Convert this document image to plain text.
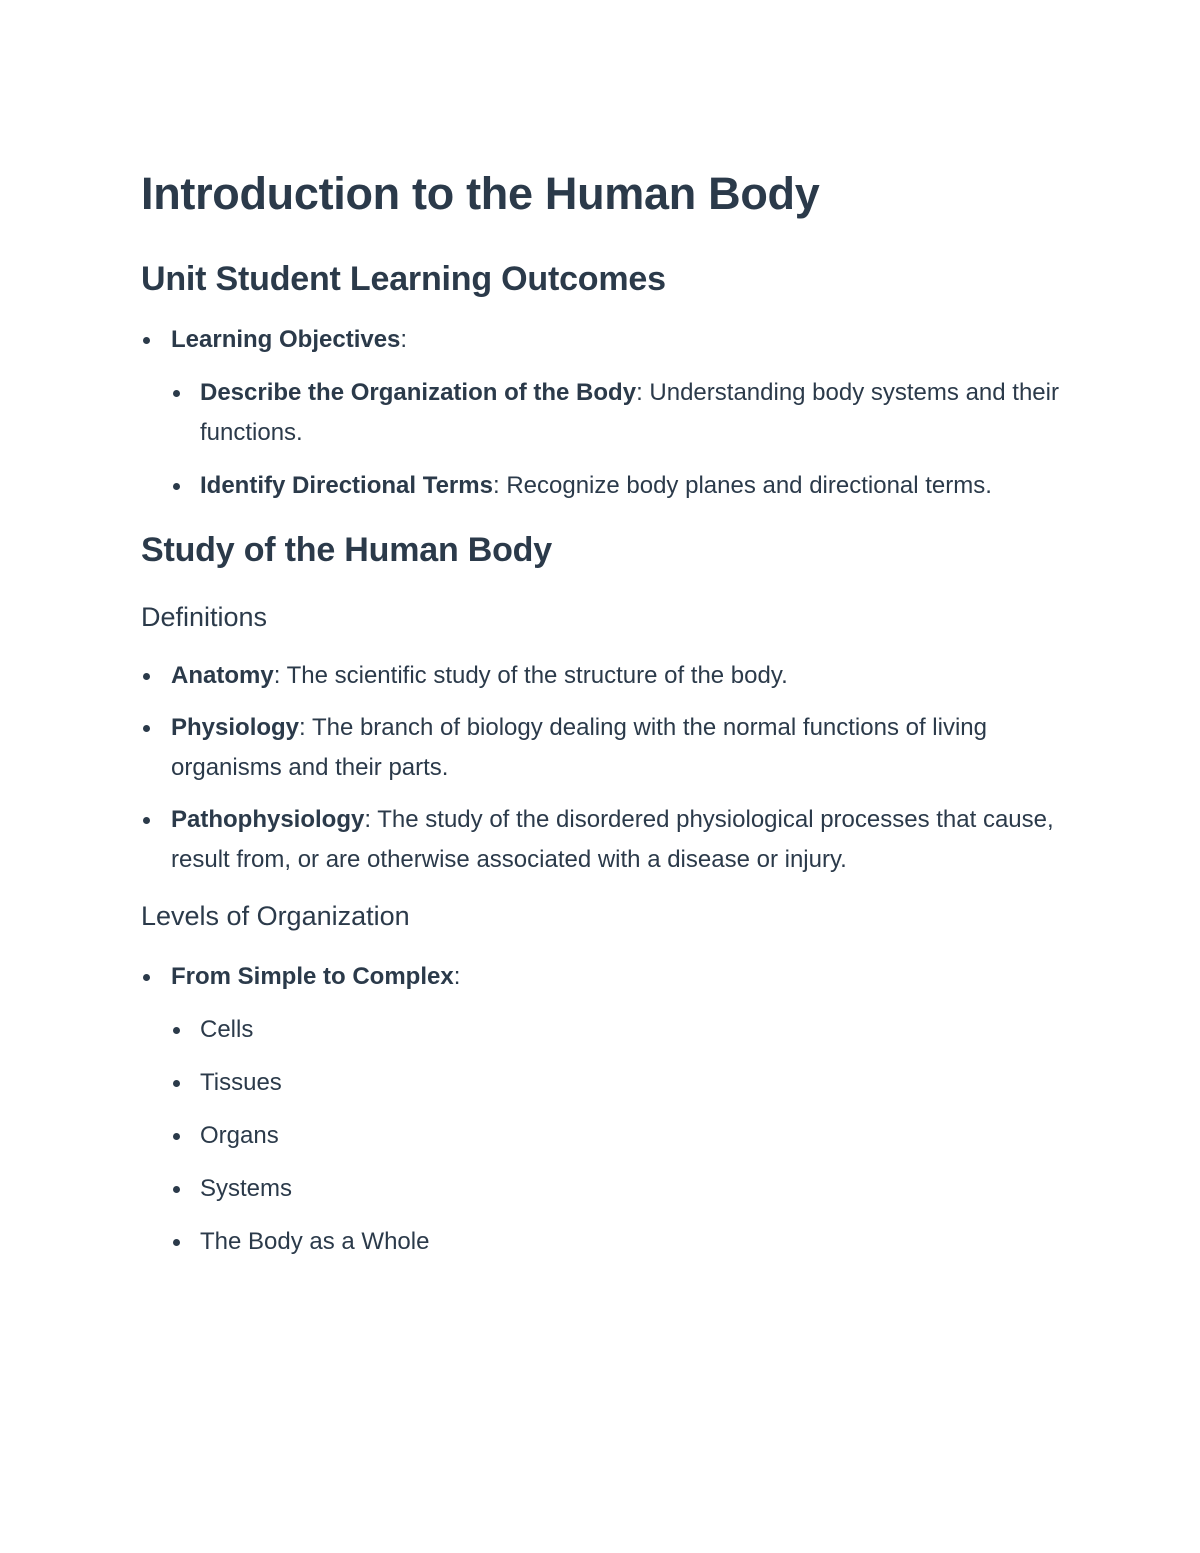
Introduction to the Human Body
Unit Student Learning Outcomes
Learning Objectives:
Describe the Organization of the Body: Understanding body systems and their functions.
Identify Directional Terms: Recognize body planes and directional terms.
Study of the Human Body
Definitions
Anatomy: The scientific study of the structure of the body.
Physiology: The branch of biology dealing with the normal functions of living organisms and their parts.
Pathophysiology: The study of the disordered physiological processes that cause, result from, or are otherwise associated with a disease or injury.
Levels of Organization
From Simple to Complex:
Cells
Tissues
Organs
Systems
The Body as a Whole
